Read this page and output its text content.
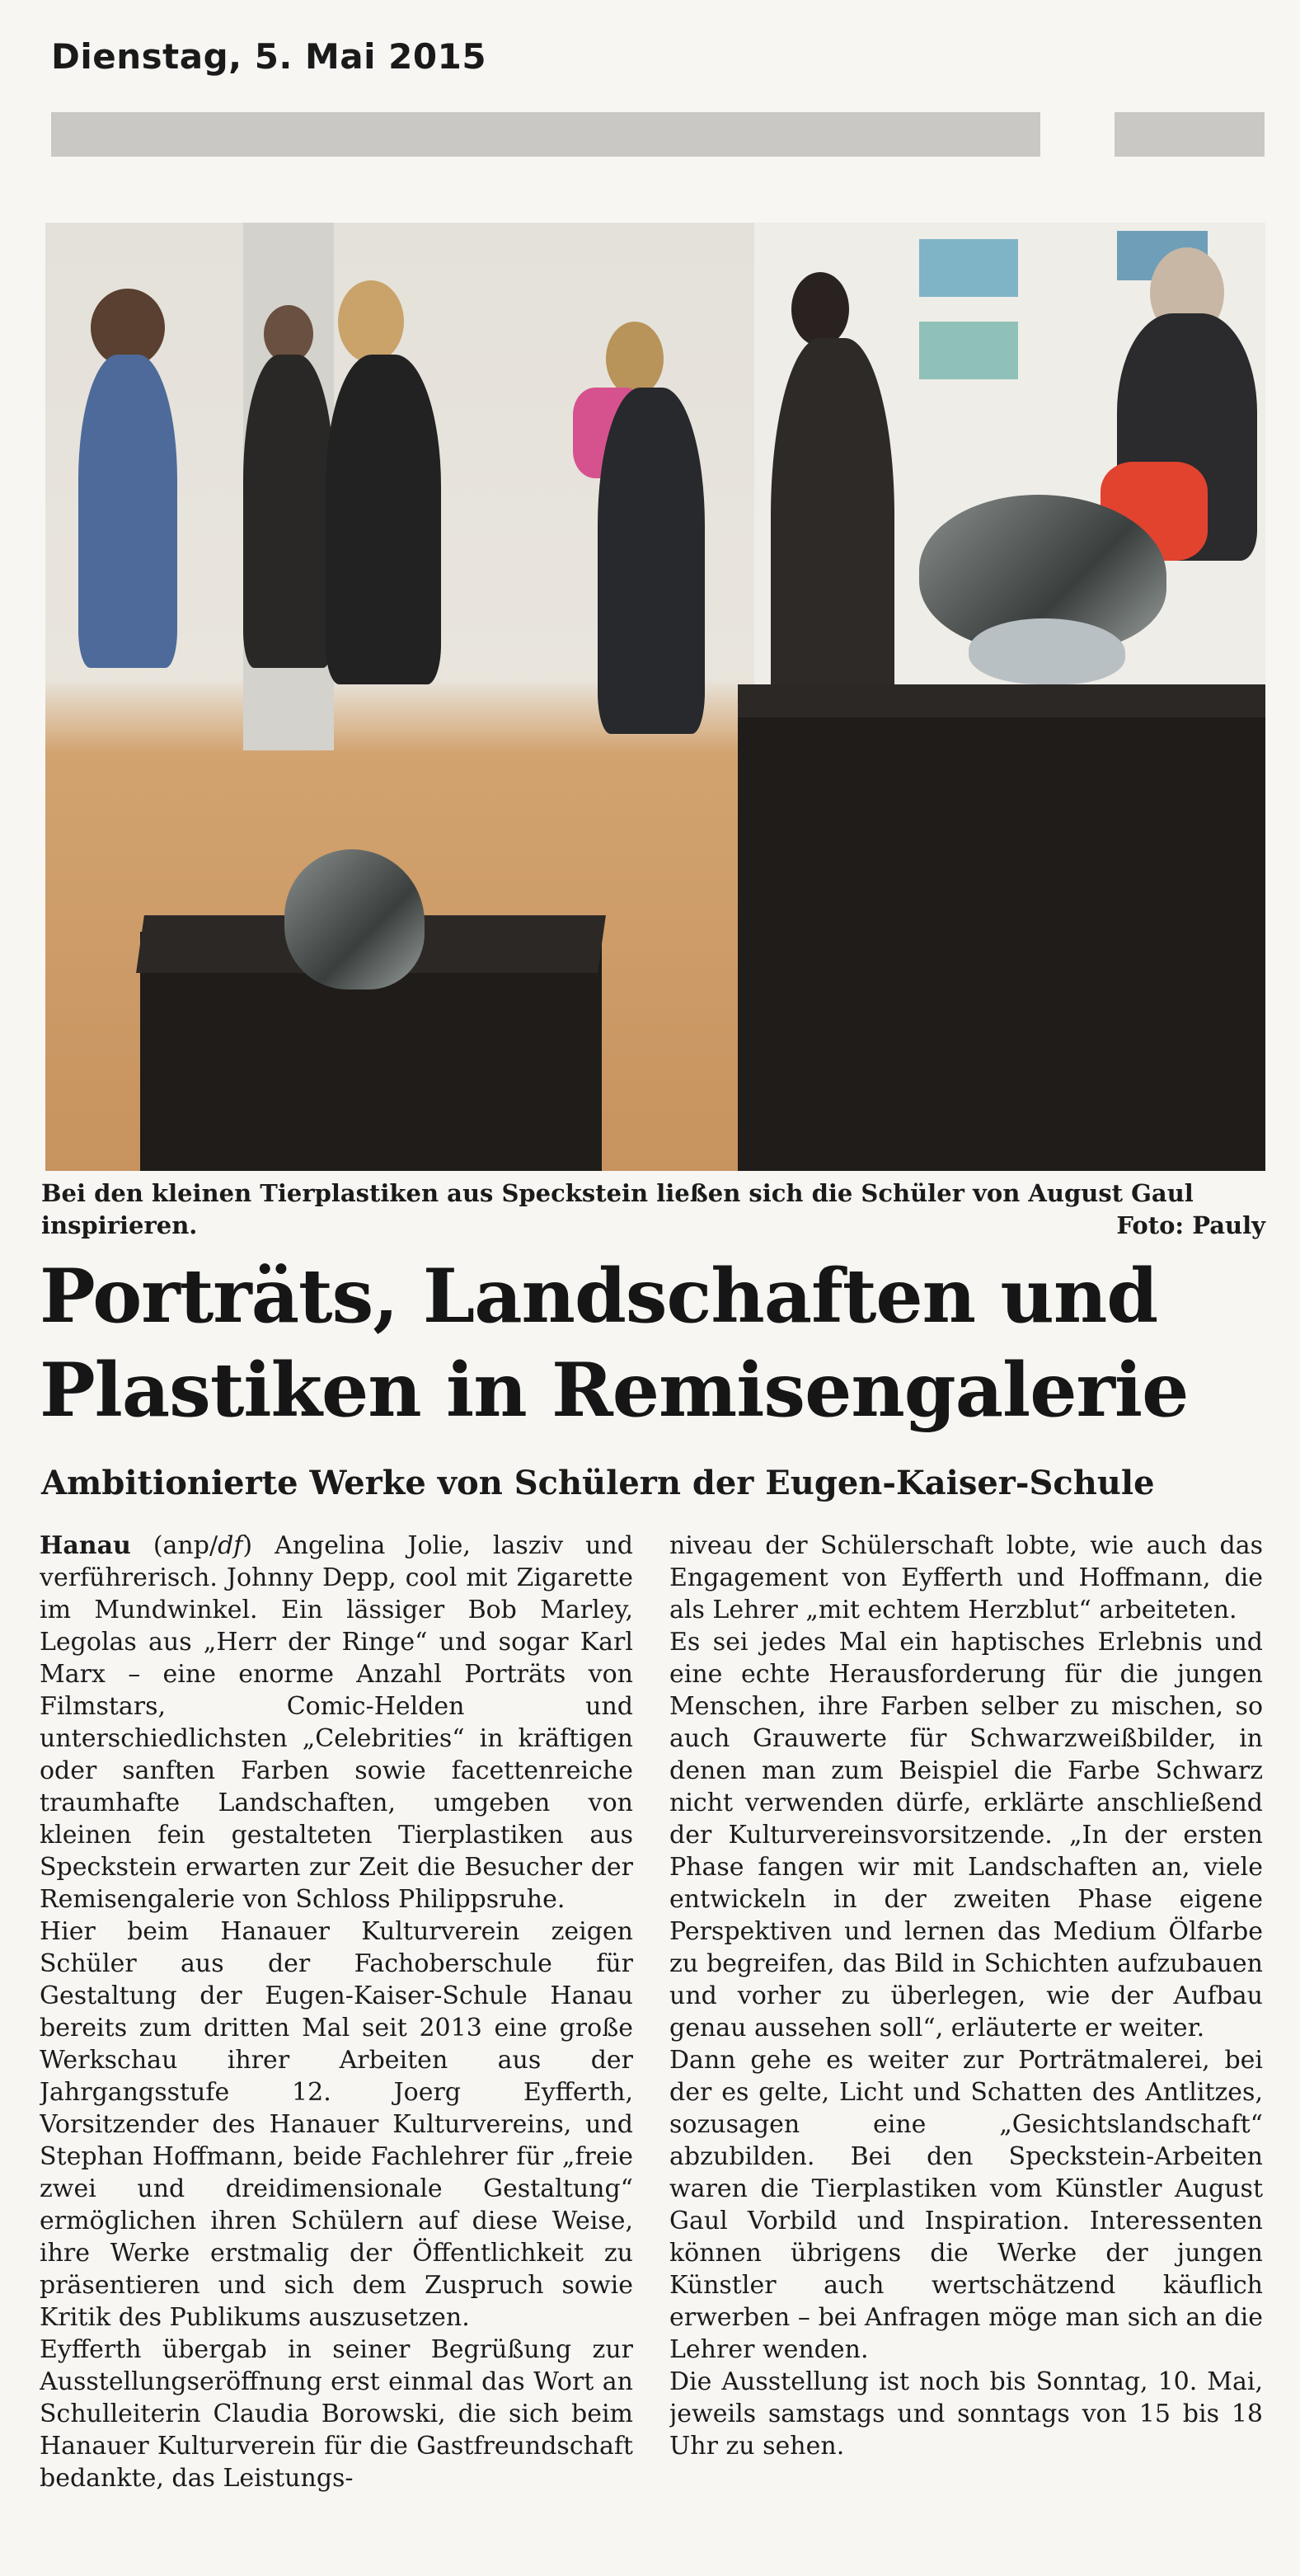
Dienstag, 5. Mai 2015
Bei den kleinen Tierplastiken aus Speckstein ließen sich die Schüler von August Gaul inspirieren.	Foto: Pauly
Porträts, Landschaften und
Plastiken in Remisengalerie
Ambitionierte Werke von Schülern der Eugen-Kaiser-Schule

Hanau (anp/df) Angelina Jolie, lasziv und verführerisch. Johnny Depp, cool mit Zigarette im Mundwinkel. Ein lässiger Bob Marley, Legolas aus „Herr der Ringe“ und sogar Karl Marx – eine enorme Anzahl Porträts von Filmstars, Comic-Helden und unterschiedlichsten „Celebrities“ in kräftigen oder sanften Farben sowie facettenreiche traumhafte Landschaften, umgeben von kleinen fein gestalteten Tierplastiken aus Speckstein erwarten zur Zeit die Besucher der Remisengalerie von Schloss Philippsruhe.

Hier beim Hanauer Kulturverein zeigen Schüler aus der Fachoberschule für Gestaltung der Eugen-Kaiser-Schule Hanau bereits zum dritten Mal seit 2013 eine große Werkschau ihrer Arbeiten aus der Jahrgangsstufe 12. Joerg Eyfferth, Vorsitzender des Hanauer Kulturvereins, und Stephan Hoffmann, beide Fachlehrer für „freie zwei und dreidimensionale Gestaltung“ ermöglichen ihren Schülern auf diese Weise, ihre Werke erstmalig der Öffentlichkeit zu präsentieren und sich dem Zuspruch sowie Kritik des Publikums auszusetzen.

Eyfferth übergab in seiner Begrüßung zur Ausstellungseröffnung erst einmal das Wort an Schulleiterin Claudia Borowski, die sich beim Hanauer Kulturverein für die Gastfreundschaft bedankte, das Leistungs-

niveau der Schülerschaft lobte, wie auch das Engagement von Eyfferth und Hoffmann, die als Lehrer „mit echtem Herzblut“ arbeiteten.

Es sei jedes Mal ein haptisches Erlebnis und eine echte Herausforderung für die jungen Menschen, ihre Farben selber zu mischen, so auch Grauwerte für Schwarzweißbilder, in denen man zum Beispiel die Farbe Schwarz nicht verwenden dürfe, erklärte anschließend der Kulturvereinsvorsitzende. „In der ersten Phase fangen wir mit Landschaften an, viele entwickeln in der zweiten Phase eigene Perspektiven und lernen das Medium Ölfarbe zu begreifen, das Bild in Schichten aufzubauen und vorher zu überlegen, wie der Aufbau genau aussehen soll“, erläuterte er weiter.

Dann gehe es weiter zur Porträtmalerei, bei der es gelte, Licht und Schatten des Antlitzes, sozusagen eine „Gesichtslandschaft“ abzubilden. Bei den Speckstein-Arbeiten waren die Tierplastiken vom Künstler August Gaul Vorbild und Inspiration. Interessenten können übrigens die Werke der jungen Künstler auch wertschätzend käuflich erwerben – bei Anfragen möge man sich an die Lehrer wenden.

Die Ausstellung ist noch bis Sonntag, 10. Mai, jeweils samstags und sonntags von 15 bis 18 Uhr zu sehen.
